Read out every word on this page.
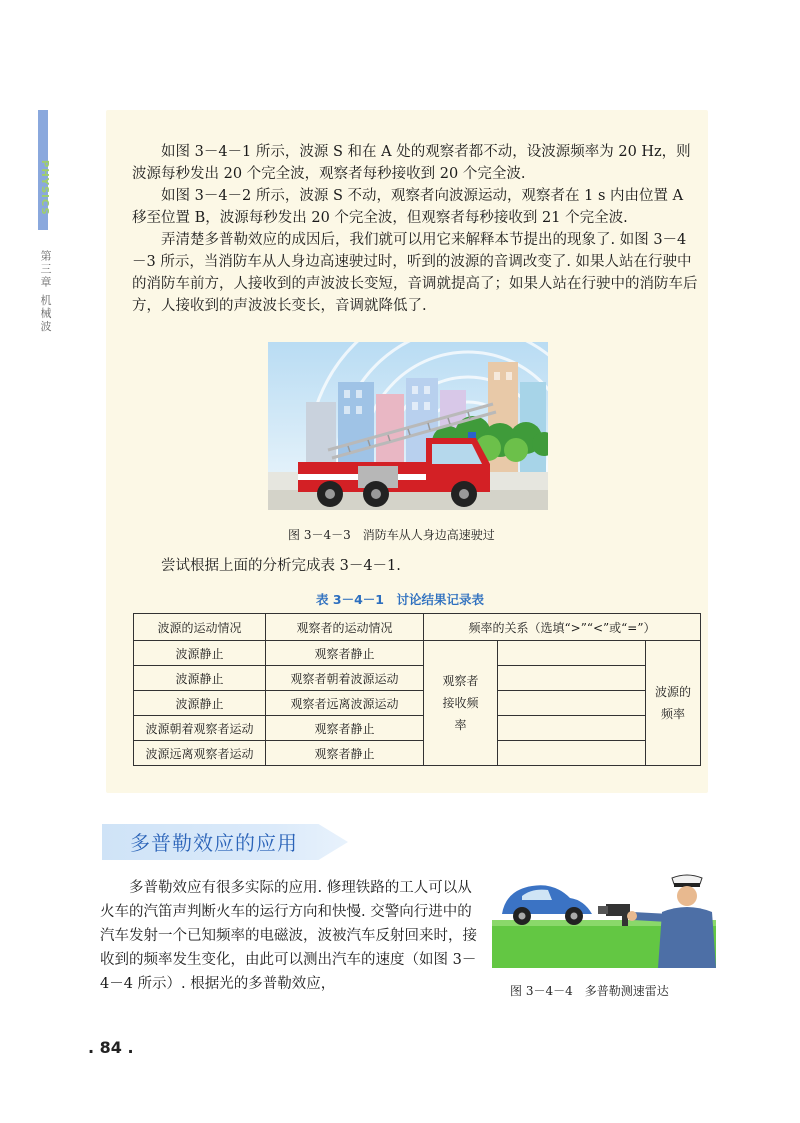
PHYSICS
第三章 机械波

如图 3－4－1 所示，波源 S 和在 A 处的观察者都不动，设波源频率为 20 Hz，则波源每秒发出 20 个完全波，观察者每秒接收到 20 个完全波.

如图 3－4－2 所示，波源 S 不动，观察者向波源运动，观察者在 1 s 内由位置 A 移至位置 B，波源每秒发出 20 个完全波，但观察者每秒接收到 21 个完全波.

弄清楚多普勒效应的成因后，我们就可以用它来解释本节提出的现象了. 如图 3－4－3 所示，当消防车从人身边高速驶过时，听到的波源的音调改变了. 如果人站在行驶中的消防车前方，人接收到的声波波长变短，音调就提高了；如果人站在行驶中的消防车后方，人接收到的声波波长变长，音调就降低了.

图 3－4－3　消防车从人身边高速驶过
尝试根据上面的分析完成表 3－4－1.
表 3－4－1　讨论结果记录表
波源的运动情况	观察者的运动情况	频率的关系（选填“>”“<”或“=”）		
波源静止	观察者静止	观察者接收频率		波源的频率
波源静止	观察者朝着波源运动			
波源静止	观察者远离波源运动			
波源朝着观察者运动	观察者静止			
波源远离观察者运动	观察者静止			
多普勒效应的应用

多普勒效应有很多实际的应用. 修理铁路的工人可以从火车的汽笛声判断火车的运行方向和快慢. 交警向行进中的汽车发射一个已知频率的电磁波，波被汽车反射回来时，接收到的频率发生变化，由此可以测出汽车的速度（如图 3－4－4 所示）. 根据光的多普勒效应，	图 3－4－4　多普勒测速雷达
. 84 .
